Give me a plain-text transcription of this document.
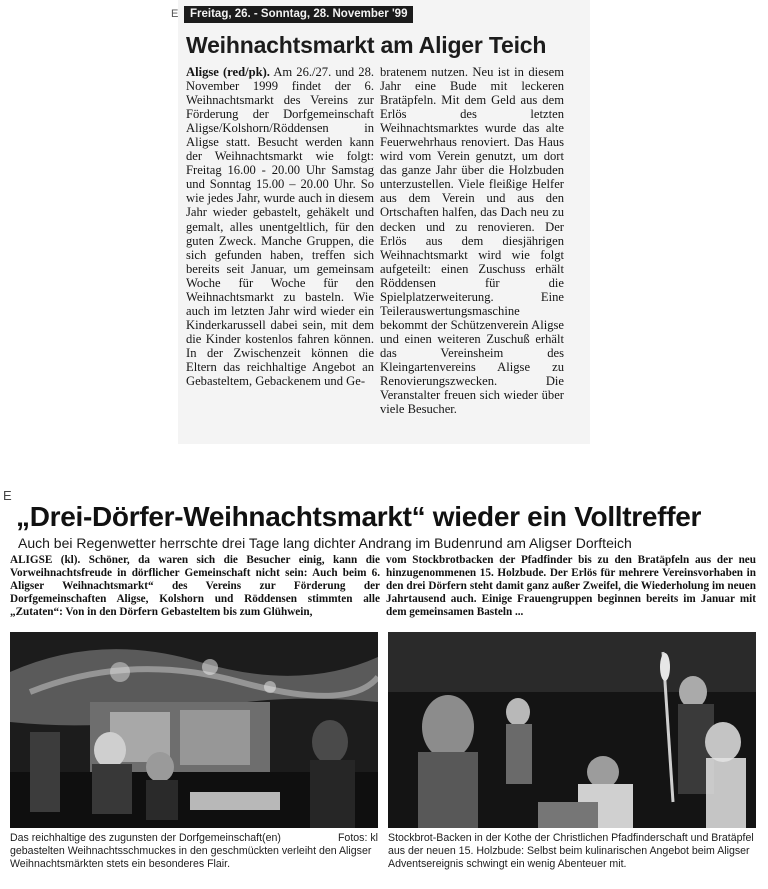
E	Freitag, 26. - Sonntag, 28. November '99
Weihnachtsmarkt am Aliger Teich
Aligse (red/pk). Am 26./27. und 28. November 1999 findet der 6. Weihnachtsmarkt des Vereins zur Förderung der Dorfgemeinschaft Aligse/Kolshorn/Röddensen in Aligse statt. Besucht werden kann der Weihnachtsmarkt wie folgt: Freitag 16.00 - 20.00 Uhr Samstag und Sonntag 15.00 – 20.00 Uhr. So wie jedes Jahr, wurde auch in diesem Jahr wieder gebastelt, gehäkelt und gemalt, alles unentgeltlich, für den guten Zweck. Manche Gruppen, die sich gefunden haben, treffen sich bereits seit Januar, um gemeinsam Woche für Woche für den Weihnachtsmarkt zu basteln. Wie auch im letzten Jahr wird wieder ein Kinderkarussell dabei sein, mit dem die Kinder kostenlos fahren können. In der Zwischenzeit können die Eltern das reichhaltige Angebot an Gebasteltem, Gebackenem und Ge-
bratenem nutzen. Neu ist in diesem Jahr eine Bude mit leckeren Bratäpfeln. Mit dem Geld aus dem Erlös des letzten Weihnachtsmarktes wurde das alte Feuerwehrhaus renoviert. Das Haus wird vom Verein genutzt, um dort das ganze Jahr über die Holzbuden unterzustellen. Viele fleißige Helfer aus dem Verein und aus den Ortschaften halfen, das Dach neu zu decken und zu renovieren. Der Erlös aus dem diesjährigen Weihnachtsmarkt wird wie folgt aufgeteilt: einen Zuschuss erhält Röddensen für die Spielplatzerweiterung. Eine Teilerauswertungsmaschine bekommt der Schützenverein Aligse und einen weiteren Zuschuß erhält das Vereinsheim des Kleingartenvereins Aligse zu Renovierungszwecken. Die Veranstalter freuen sich wieder über viele Besucher.
E
„Drei-Dörfer-Weihnachtsmarkt“ wieder ein Volltreffer
Auch bei Regenwetter herrschte drei Tage lang dichter Andrang im Budenrund am Aligser Dorfteich
ALIGSE (kl). Schöner, da waren sich die Besucher einig, kann die Vorweihnachtsfreude in dörflicher Gemeinschaft nicht sein: Auch beim 6. Aligser Weihnachtsmarkt“ des Vereins zur Förderung der Dorfgemeinschaften Aligse, Kolshorn und Röddensen stimmten alle „Zutaten“: Von in den Dörfern Gebasteltem bis zum Glühwein,
vom Stockbrotbacken der Pfadfinder bis zu den Bratäpfeln aus der neu hinzugenommenen 15. Holzbude. Der Erlös für mehrere Vereinsvorhaben in den drei Dörfern steht damit ganz außer Zweifel, die Wiederholung im neuen Jahrtausend auch. Einige Frauengruppen beginnen bereits im Januar mit dem gemeinsamen Basteln ...
Fotos: kl
Das reichhaltige des zugunsten der Dorfgemeinschaft(en) gebastelten Weihnachtsschmuckes in den geschmückten verleiht den Aligser Weihnachtsmärkten stets ein besonderes Flair.
Stockbrot-Backen in der Kothe der Christlichen Pfadfinderschaft und Bratäpfel aus der neuen 15. Holzbude: Selbst beim kulinarischen Angebot beim Aligser Adventsereignis schwingt ein wenig Abenteuer mit.
